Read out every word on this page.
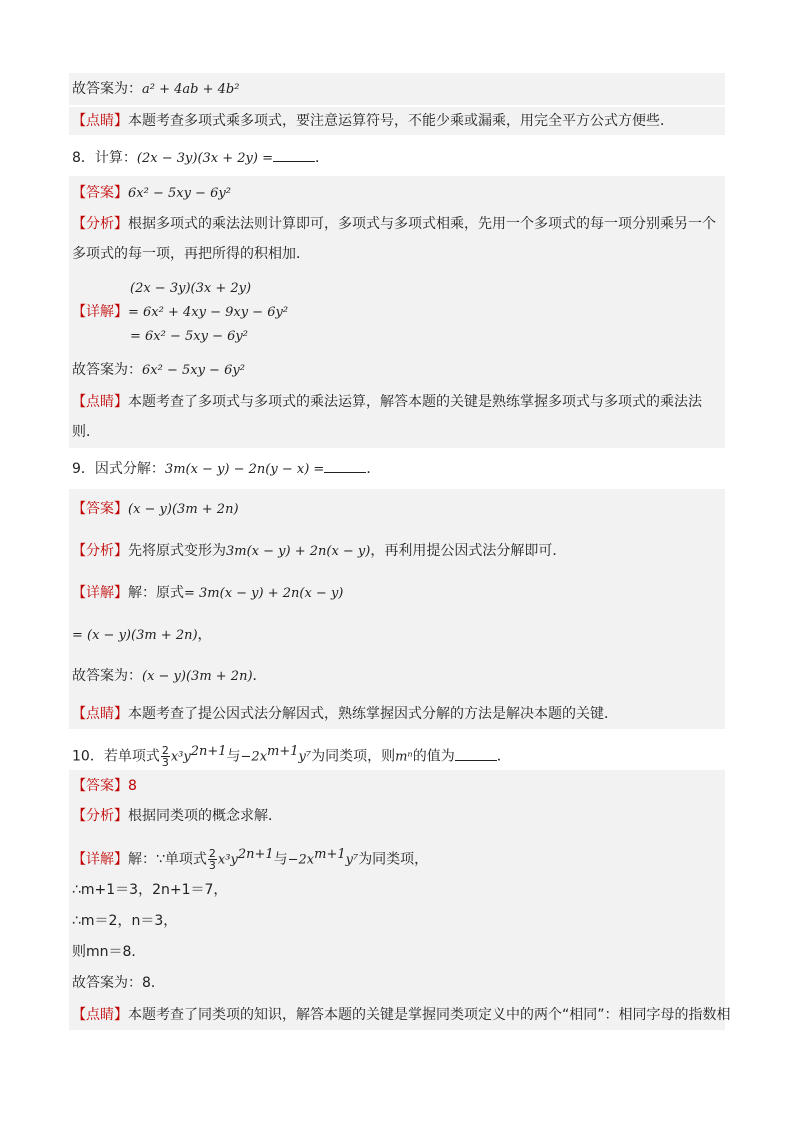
故答案为：a² + 4ab + 4b²
【点睛】本题考查多项式乘多项式，要注意运算符号，不能少乘或漏乘，用完全平方公式方便些．
8．计算：(2x − 3y)(3x + 2y) =	．
【答案】6x² − 5xy − 6y²
【分析】根据多项式的乘法法则计算即可，多项式与多项式相乘，先用一个多项式的每一项分别乘另一个
多项式的每一项，再把所得的积相加．
(2x − 3y)(3x + 2y)
【详解】= 6x² + 4xy − 9xy − 6y²
= 6x² − 5xy − 6y²
故答案为：6x² − 5xy − 6y²
【点睛】本题考查了多项式与多项式的乘法运算，解答本题的关键是熟练掌握多项式与多项式的乘法法
则．
9．因式分解：3m(x − y) − 2n(y − x) =	．
【答案】(x − y)(3m + 2n)
【分析】先将原式变形为3m(x − y) + 2n(x − y)，再利用提公因式法分解即可．
【详解】解：原式= 3m(x − y) + 2n(x − y)
= (x − y)(3m + 2n)，
故答案为：(x − y)(3m + 2n)．
【点睛】本题考查了提公因式法分解因式，熟练掌握因式分解的方法是解决本题的关键．
10．若单项式 $\frac{2}{3} x^3y^{2n+1}$与$-2x^{m+1}y^7$为同类项，则mⁿ的值为	．
【答案】8
【分析】根据同类项的概念求解．
【详解】解：∵单项式 $\frac{2}{3} x^3y^{2n+1}$与$-2x^{m+1}y^7$为同类项，
∴m+1＝3，2n+1＝7，
∴m＝2，n＝3，
则mn＝8．
故答案为：8．
【点睛】本题考查了同类项的知识，解答本题的关键是掌握同类项定义中的两个“相同”：相同字母的指数相
